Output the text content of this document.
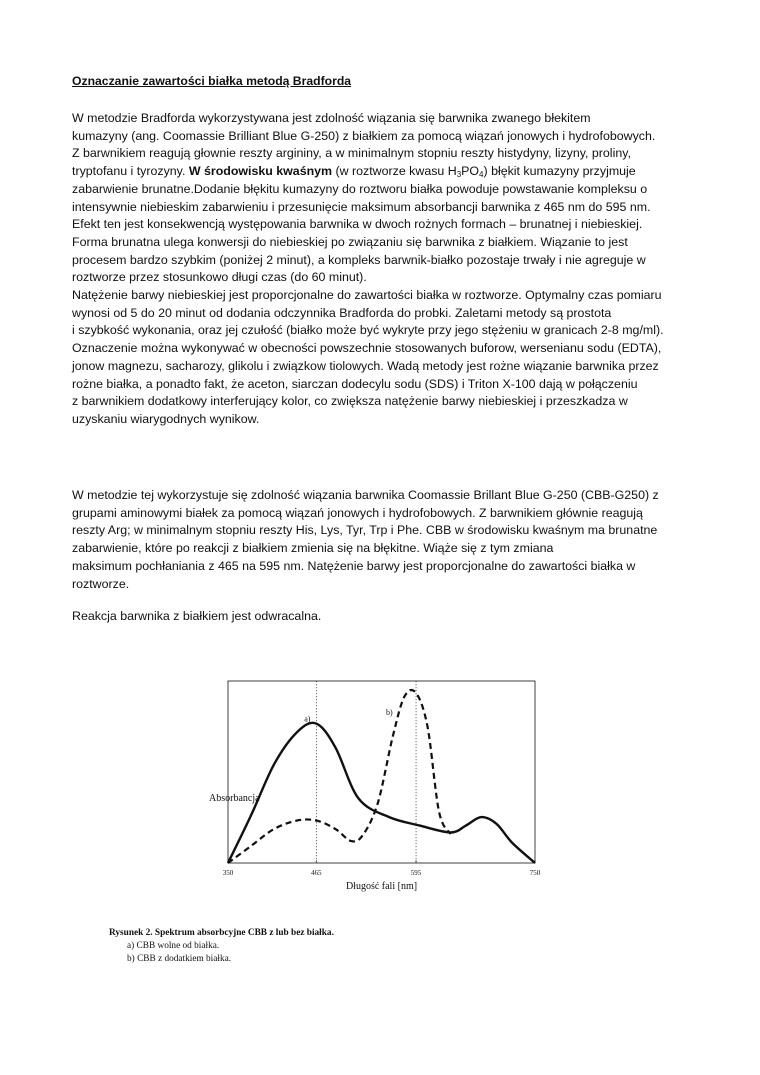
Oznaczanie zawartości białka metodą Bradforda
W metodzie Bradforda wykorzystywana jest zdolność wiązania się barwnika zwanego błekitem
kumazyny (ang. Coomassie Brilliant Blue G-250) z białkiem za pomocą wiązań jonowych i hydrofobowych.
Z barwnikiem reagują głownie reszty argininy, a w minimalnym stopniu reszty histydyny, lizyny, proliny,
tryptofanu i tyrozyny. W środowisku kwaśnym (w roztworze kwasu $H_3PO_4$) błękit kumazyny przyjmuje
zabarwienie brunatne.Dodanie błękitu kumazyny do roztworu białka powoduje powstawanie kompleksu o
intensywnie niebieskim zabarwieniu i przesunięcie maksimum absorbancji barwnika z 465 nm do 595 nm.
Efekt ten jest konsekwencją występowania barwnika w dwoch rożnych formach – brunatnej i niebieskiej.
Forma brunatna ulega konwersji do niebieskiej po związaniu się barwnika z białkiem. Wiązanie to jest
procesem bardzo szybkim (poniżej 2 minut), a kompleks barwnik-białko pozostaje trwały i nie agreguje w
roztworze przez stosunkowo długi czas (do 60 minut).
Natężenie barwy niebieskiej jest proporcjonalne do zawartości białka w roztworze. Optymalny czas pomiaru
wynosi od 5 do 20 minut od dodania odczynnika Bradforda do probki. Zaletami metody są prostota
i szybkość wykonania, oraz jej czułość (białko może być wykryte przy jego stężeniu w granicach 2-8 mg/ml).
Oznaczenie można wykonywać w obecności powszechnie stosowanych buforow, wersenianu sodu (EDTA),
jonow magnezu, sacharozy, glikolu i związkow tiolowych. Wadą metody jest rożne wiązanie barwnika przez
rożne białka, a ponadto fakt, że aceton, siarczan dodecylu sodu (SDS) i Triton X-100 dają w połączeniu
z barwnikiem dodatkowy interferujący kolor, co zwiększa natężenie barwy niebieskiej i przeszkadza w
uzyskaniu wiarygodnych wynikow.
W metodzie tej wykorzystuje się zdolność wiązania barwnika Coomassie Brillant Blue G-250 (CBB-G250) z
grupami aminowymi białek za pomocą wiązań jonowych i hydrofobowych. Z barwnikiem głównie reagują
reszty Arg; w minimalnym stopniu reszty His, Lys, Tyr, Trp i Phe. CBB w środowisku kwaśnym ma brunatne
zabarwienie, które po reakcji z białkiem zmienia się na błękitne. Wiąże się z tym zmiana
maksimum pochłaniania z 465 na 595 nm. Natężenie barwy jest proporcjonalne do zawartości białka w
roztworze.
Reakcja barwnika z białkiem jest odwracalna.
350	465	595	750
a)
b)
Absorbancja
Długość fali [nm]
Rysunek 2. Spektrum absorbcyjne CBB z lub bez białka.
a) CBB wolne od białka.
b) CBB z dodatkiem białka.
